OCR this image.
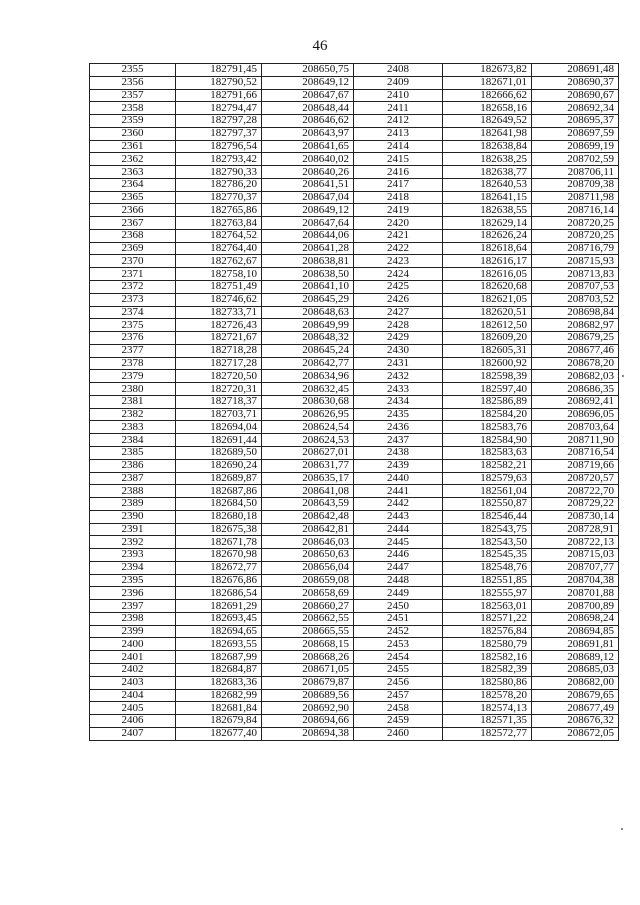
46
2355	182791,45	208650,75	2408	182673,82	208691,48
2356	182790,52	208649,12	2409	182671,01	208690,37
2357	182791,66	208647,67	2410	182666,62	208690,67
2358	182794,47	208648,44	2411	182658,16	208692,34
2359	182797,28	208646,62	2412	182649,52	208695,37
2360	182797,37	208643,97	2413	182641,98	208697,59
2361	182796,54	208641,65	2414	182638,84	208699,19
2362	182793,42	208640,02	2415	182638,25	208702,59
2363	182790,33	208640,26	2416	182638,77	208706,11
2364	182786,20	208641,51	2417	182640,53	208709,38
2365	182770,37	208647,04	2418	182641,15	208711,98
2366	182765,86	208649,12	2419	182638,55	208716,14
2367	182763,84	208647,64	2420	182629,14	208720,25
2368	182764,52	208644,06	2421	182626,24	208720,25
2369	182764,40	208641,28	2422	182618,64	208716,79
2370	182762,67	208638,81	2423	182616,17	208715,93
2371	182758,10	208638,50	2424	182616,05	208713,83
2372	182751,49	208641,10	2425	182620,68	208707,53
2373	182746,62	208645,29	2426	182621,05	208703,52
2374	182733,71	208648,63	2427	182620,51	208698,84
2375	182726,43	208649,99	2428	182612,50	208682,97
2376	182721,67	208648,32	2429	182609,20	208679,25
2377	182718,28	208645,24	2430	182605,31	208677,46
2378	182717,28	208642,77	2431	182600,92	208678,20
2379	182720,50	208634,96	2432	182598,39	208682,03
2380	182720,31	208632,45	2433	182597,40	208686,35
2381	182718,37	208630,68	2434	182586,89	208692,41
2382	182703,71	208626,95	2435	182584,20	208696,05
2383	182694,04	208624,54	2436	182583,76	208703,64
2384	182691,44	208624,53	2437	182584,90	208711,90
2385	182689,50	208627,01	2438	182583,63	208716,54
2386	182690,24	208631,77	2439	182582,21	208719,66
2387	182689,87	208635,17	2440	182579,63	208720,57
2388	182687,86	208641,08	2441	182561,04	208722,70
2389	182684,50	208643,59	2442	182550,87	208729,22
2390	182680,18	208642,48	2443	182546,44	208730,14
2391	182675,38	208642,81	2444	182543,75	208728,91
2392	182671,78	208646,03	2445	182543,50	208722,13
2393	182670,98	208650,63	2446	182545,35	208715,03
2394	182672,77	208656,04	2447	182548,76	208707,77
2395	182676,86	208659,08	2448	182551,85	208704,38
2396	182686,54	208658,69	2449	182555,97	208701,88
2397	182691,29	208660,27	2450	182563,01	208700,89
2398	182693,45	208662,55	2451	182571,22	208698,24
2399	182694,65	208665,55	2452	182576,84	208694,85
2400	182693,55	208668,15	2453	182580,79	208691,81
2401	182687,99	208668,26	2454	182582,16	208689,12
2402	182684,87	208671,05	2455	182582,39	208685,03
2403	182683,36	208679,87	2456	182580,86	208682,00
2404	182682,99	208689,56	2457	182578,20	208679,65
2405	182681,84	208692,90	2458	182574,13	208677,49
2406	182679,84	208694,66	2459	182571,35	208676,32
2407	182677,40	208694,38	2460	182572,77	208672,05
